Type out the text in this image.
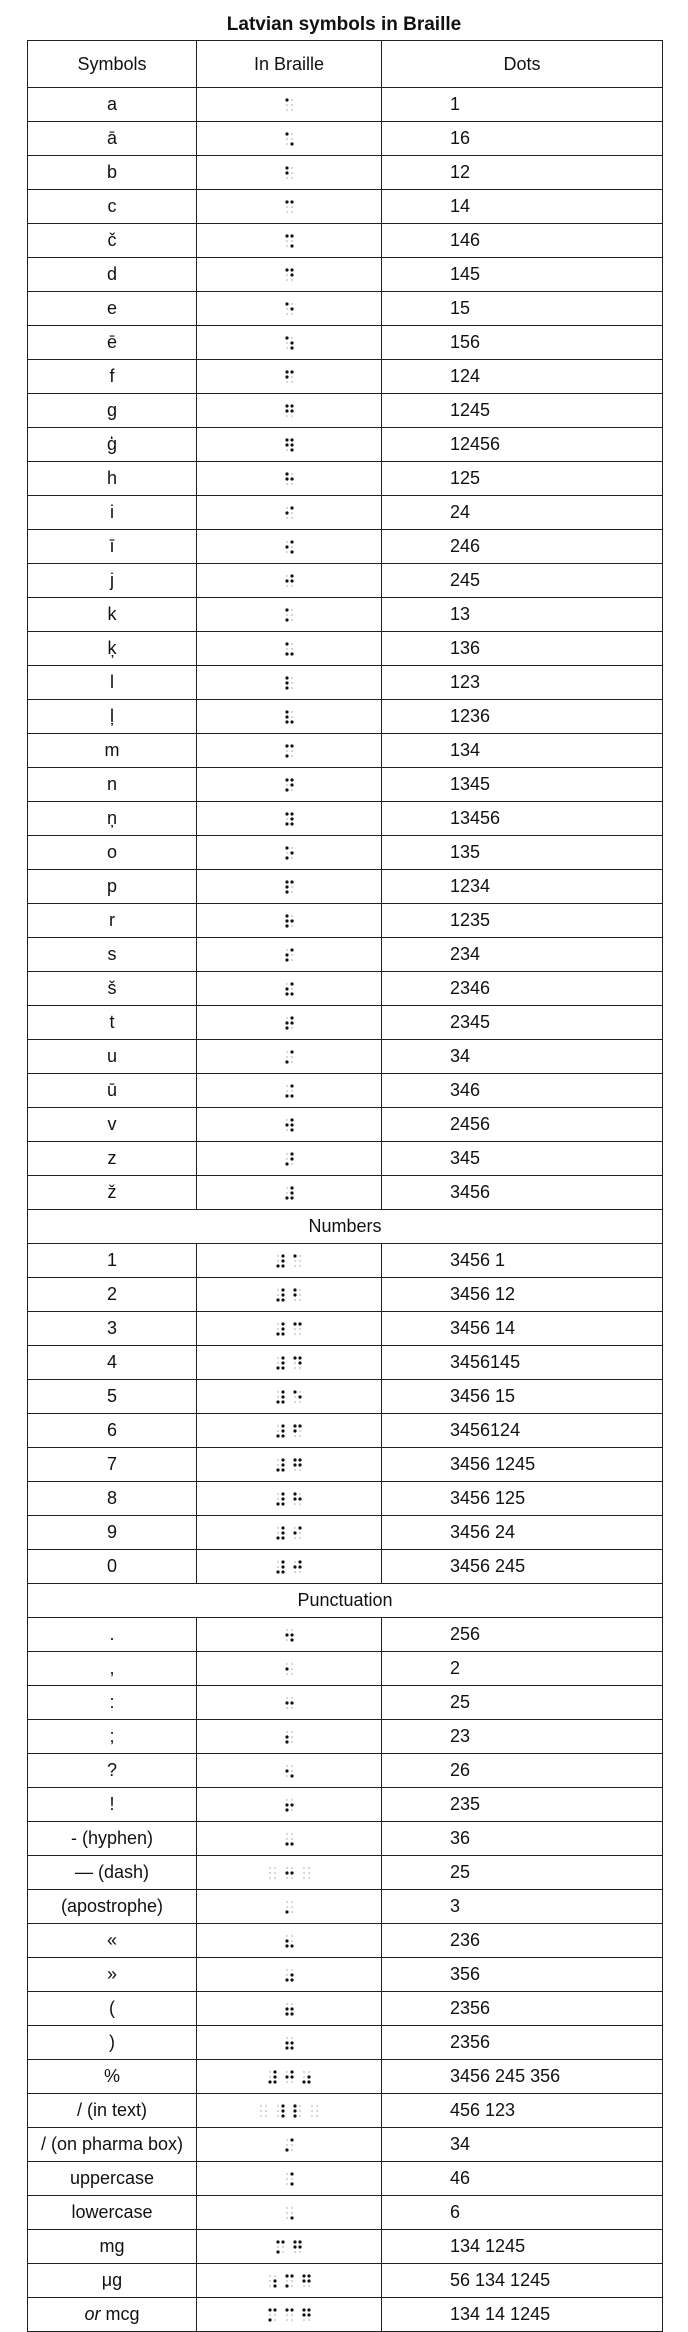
Latvian symbols in Braille
Symbols	In Braille	Dots
a		1
ā		16
b		12
c		14
č		146
d		145
e		15
ē		156
f		124
g		1245
ģ		12456
h		125
i		24
ī		246
j		245
k		13
ķ		136
l		123
ļ		1236
m		134
n		1345
ņ		13456
o		135
p		1234
r		1235
s		234
š		2346
t		2345
u		34
ū		346
v		2456
z		345
ž		3456
Numbers		
1		3456 1
2		3456 12
3		3456 14
4		3456145
5		3456 15
6		3456124
7		3456 1245
8		3456 125
9		3456 24
0		3456 245
Punctuation		
.		256
,		2
:		25
;		23
?		26
!		235
- (hyphen)		36
— (dash)		25
(apostrophe)		3
«		236
»		356
(		2356
)		2356
%		3456 245 356
/ (in text)		456 123
/ (on pharma box)		34
uppercase		46
lowercase		6
mg		134 1245
μg		56 134 1245
or mcg		134 14 1245
